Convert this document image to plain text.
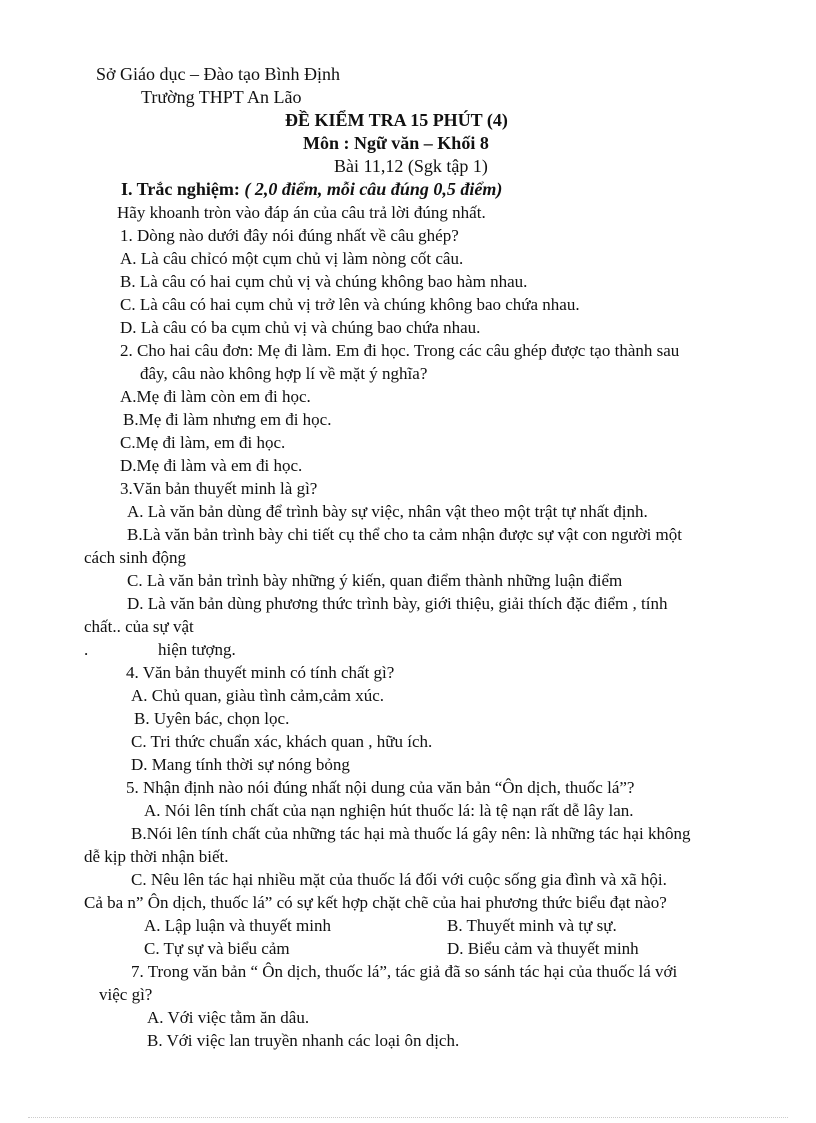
Sở Giáo dục – Đào tạo Bình Định
Trường THPT An Lão
ĐỀ KIỂM TRA 15 PHÚT (4)
Môn : Ngữ văn – Khối 8
Bài 11,12 (Sgk tập 1)
I. Trắc nghiệm: ( 2,0 điểm, mỗi câu đúng 0,5 điểm)
Hãy khoanh tròn vào đáp án của câu trả lời đúng nhất.
1. Dòng nào dưới đây nói đúng nhất về câu ghép?
A. Là câu chỉcó một cụm chủ vị làm nòng cốt câu.
B. Là câu có hai cụm chủ vị và chúng không bao hàm nhau.
C. Là câu có hai cụm chủ vị trở lên và chúng không bao chứa nhau.
D. Là câu có ba cụm chủ vị và chúng bao chứa nhau.
2. Cho hai câu đơn: Mẹ đi làm. Em đi học. Trong các câu ghép được tạo thành sau
đây, câu nào không hợp lí về mặt ý nghĩa?
A.Mẹ đi làm còn em đi học.
B.Mẹ đi làm nhưng em đi học.
C.Mẹ đi làm, em đi học.
D.Mẹ đi làm và em đi học.
3.Văn bản thuyết minh là gì?
A. Là văn bản dùng để trình bày sự việc, nhân vật theo một trật tự nhất định.
B.Là văn bản trình bày chi tiết cụ thể cho ta cảm nhận được sự vật con người một
cách sinh động
C. Là văn bản trình bày những ý kiến, quan điểm thành những luận điểm
D. Là văn bản dùng phương thức trình bày, giới thiệu, giải thích đặc điểm , tính
chất.. của sự vật
.	hiện tượng.
4. Văn bản thuyết minh có tính chất gì?
A. Chủ quan, giàu tình cảm,cảm xúc.
B. Uyên bác, chọn lọc.
C. Tri thức chuẩn xác, khách quan , hữu ích.
D. Mang tính thời sự nóng bỏng
5. Nhận định nào nói đúng nhất nội dung của văn bản “Ôn dịch, thuốc lá”?
A. Nói lên tính chất của nạn nghiện hút thuốc lá: là tệ nạn rất dễ lây lan.
B.Nói lên tính chất của những tác hại mà thuốc lá gây nên: là những tác hại không
dễ kịp thời nhận biết.
C. Nêu lên tác hại nhiều mặt của thuốc lá đối với cuộc sống gia đình và xã hội.
Cả ba n” Ôn dịch, thuốc lá” có sự kết hợp chặt chẽ của hai phương thức biểu đạt nào?
A. Lập luận và thuyết minh	B. Thuyết minh và tự sự.
C. Tự sự và biểu cảm	D. Biểu cảm và thuyết minh
7. Trong văn bản “ Ôn dịch, thuốc lá”, tác giả đã so sánh tác hại của thuốc lá với
việc gì?
A. Với việc tằm ăn dâu.
B. Với việc lan truyền nhanh các loại ôn dịch.
